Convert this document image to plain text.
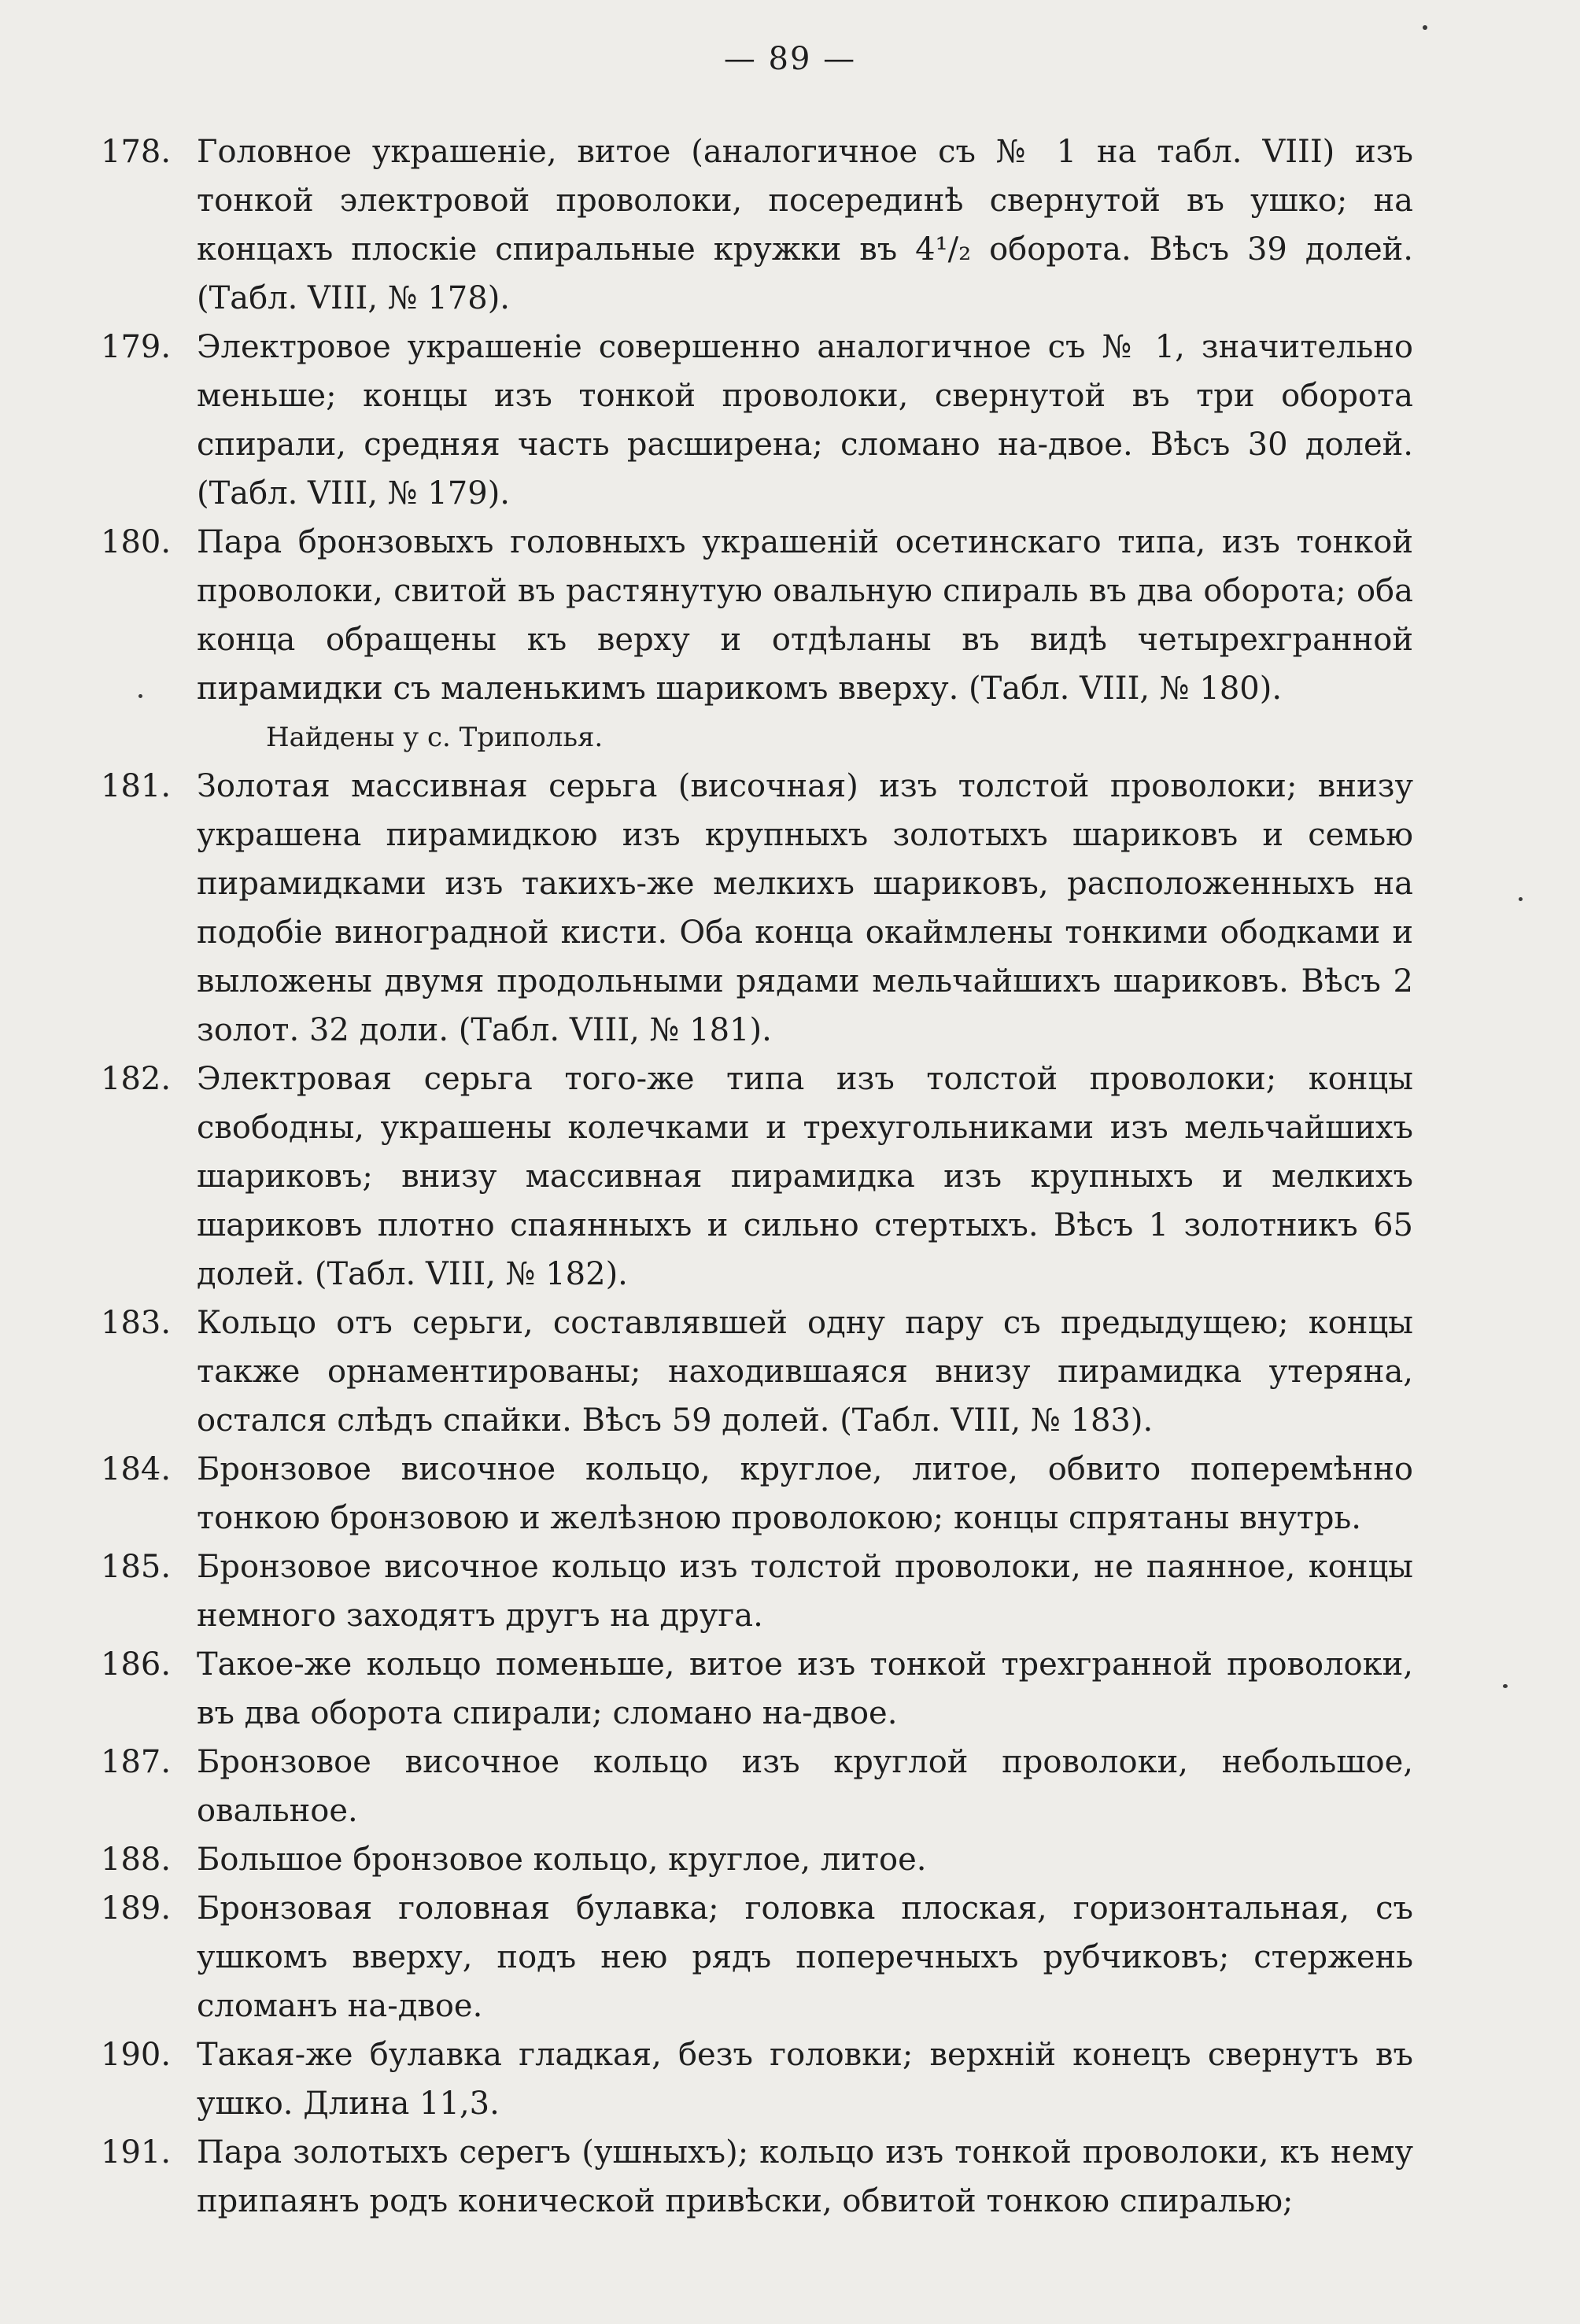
— 89 —
178. Головное украшеніе, витое (аналогичное съ № 1 на табл. VIII) изъ тонкой электровой проволоки, посерединѣ свернутой въ ушко; на концахъ плоскіе спиральные кружки въ 4¹/₂ оборота. Вѣсъ 39 долей. (Табл. VIII, № 178).
179. Электровое украшеніе совершенно аналогичное съ № 1, значительно меньше; концы изъ тонкой проволоки, свернутой въ три оборота спирали, средняя часть расширена; сломано на-двое. Вѣсъ 30 долей. (Табл. VIII, № 179).
180. Пара бронзовыхъ головныхъ украшеній осетинскаго типа, изъ тонкой проволоки, свитой въ растянутую овальную спираль въ два оборота; оба конца обращены къ верху и отдѣланы въ видѣ четырехгранной пирамидки съ маленькимъ шарикомъ вверху. (Табл. VIII, № 180).
Найдены у с. Триполья.
181. Золотая массивная серьга (височная) изъ толстой проволоки; внизу украшена пирамидкою изъ крупныхъ золотыхъ шариковъ и семью пирамидками изъ такихъ-же мелкихъ шариковъ, расположенныхъ на подобіе виноградной кисти. Оба конца окаймлены тонкими ободками и выложены двумя продольными рядами мельчайшихъ шариковъ. Вѣсъ 2 золот. 32 доли. (Табл. VIII, № 181).
182. Электровая серьга того-же типа изъ толстой проволоки; концы свободны, украшены колечками и трехугольниками изъ мельчайшихъ шариковъ; внизу массивная пирамидка изъ крупныхъ и мелкихъ шариковъ плотно спаянныхъ и сильно стертыхъ. Вѣсъ 1 золотникъ 65 долей. (Табл. VIII, № 182).
183. Кольцо отъ серьги, составлявшей одну пару съ предыдущею; концы также орнаментированы; находившаяся внизу пирамидка утеряна, остался слѣдъ спайки. Вѣсъ 59 долей. (Табл. VIII, № 183).
184. Бронзовое височное кольцо, круглое, литое, обвито поперемѣнно тонкою бронзовою и желѣзною проволокою; концы спрятаны внутрь.
185. Бронзовое височное кольцо изъ толстой проволоки, не паянное, концы немного заходятъ другъ на друга.
186. Такое-же кольцо поменьше, витое изъ тонкой трехгранной проволоки, въ два оборота спирали; сломано на-двое.
187. Бронзовое височное кольцо изъ круглой проволоки, небольшое, овальное.
188. Большое бронзовое кольцо, круглое, литое.
189. Бронзовая головная булавка; головка плоская, горизонтальная, съ ушкомъ вверху, подъ нею рядъ поперечныхъ рубчиковъ; стержень сломанъ на-двое.
190. Такая-же булавка гладкая, безъ головки; верхній конецъ свернутъ въ ушко. Длина 11,3.
191. Пара золотыхъ серегъ (ушныхъ); кольцо изъ тонкой проволоки, къ нему припаянъ родъ конической привѣски, обвитой тонкою спиралью;
